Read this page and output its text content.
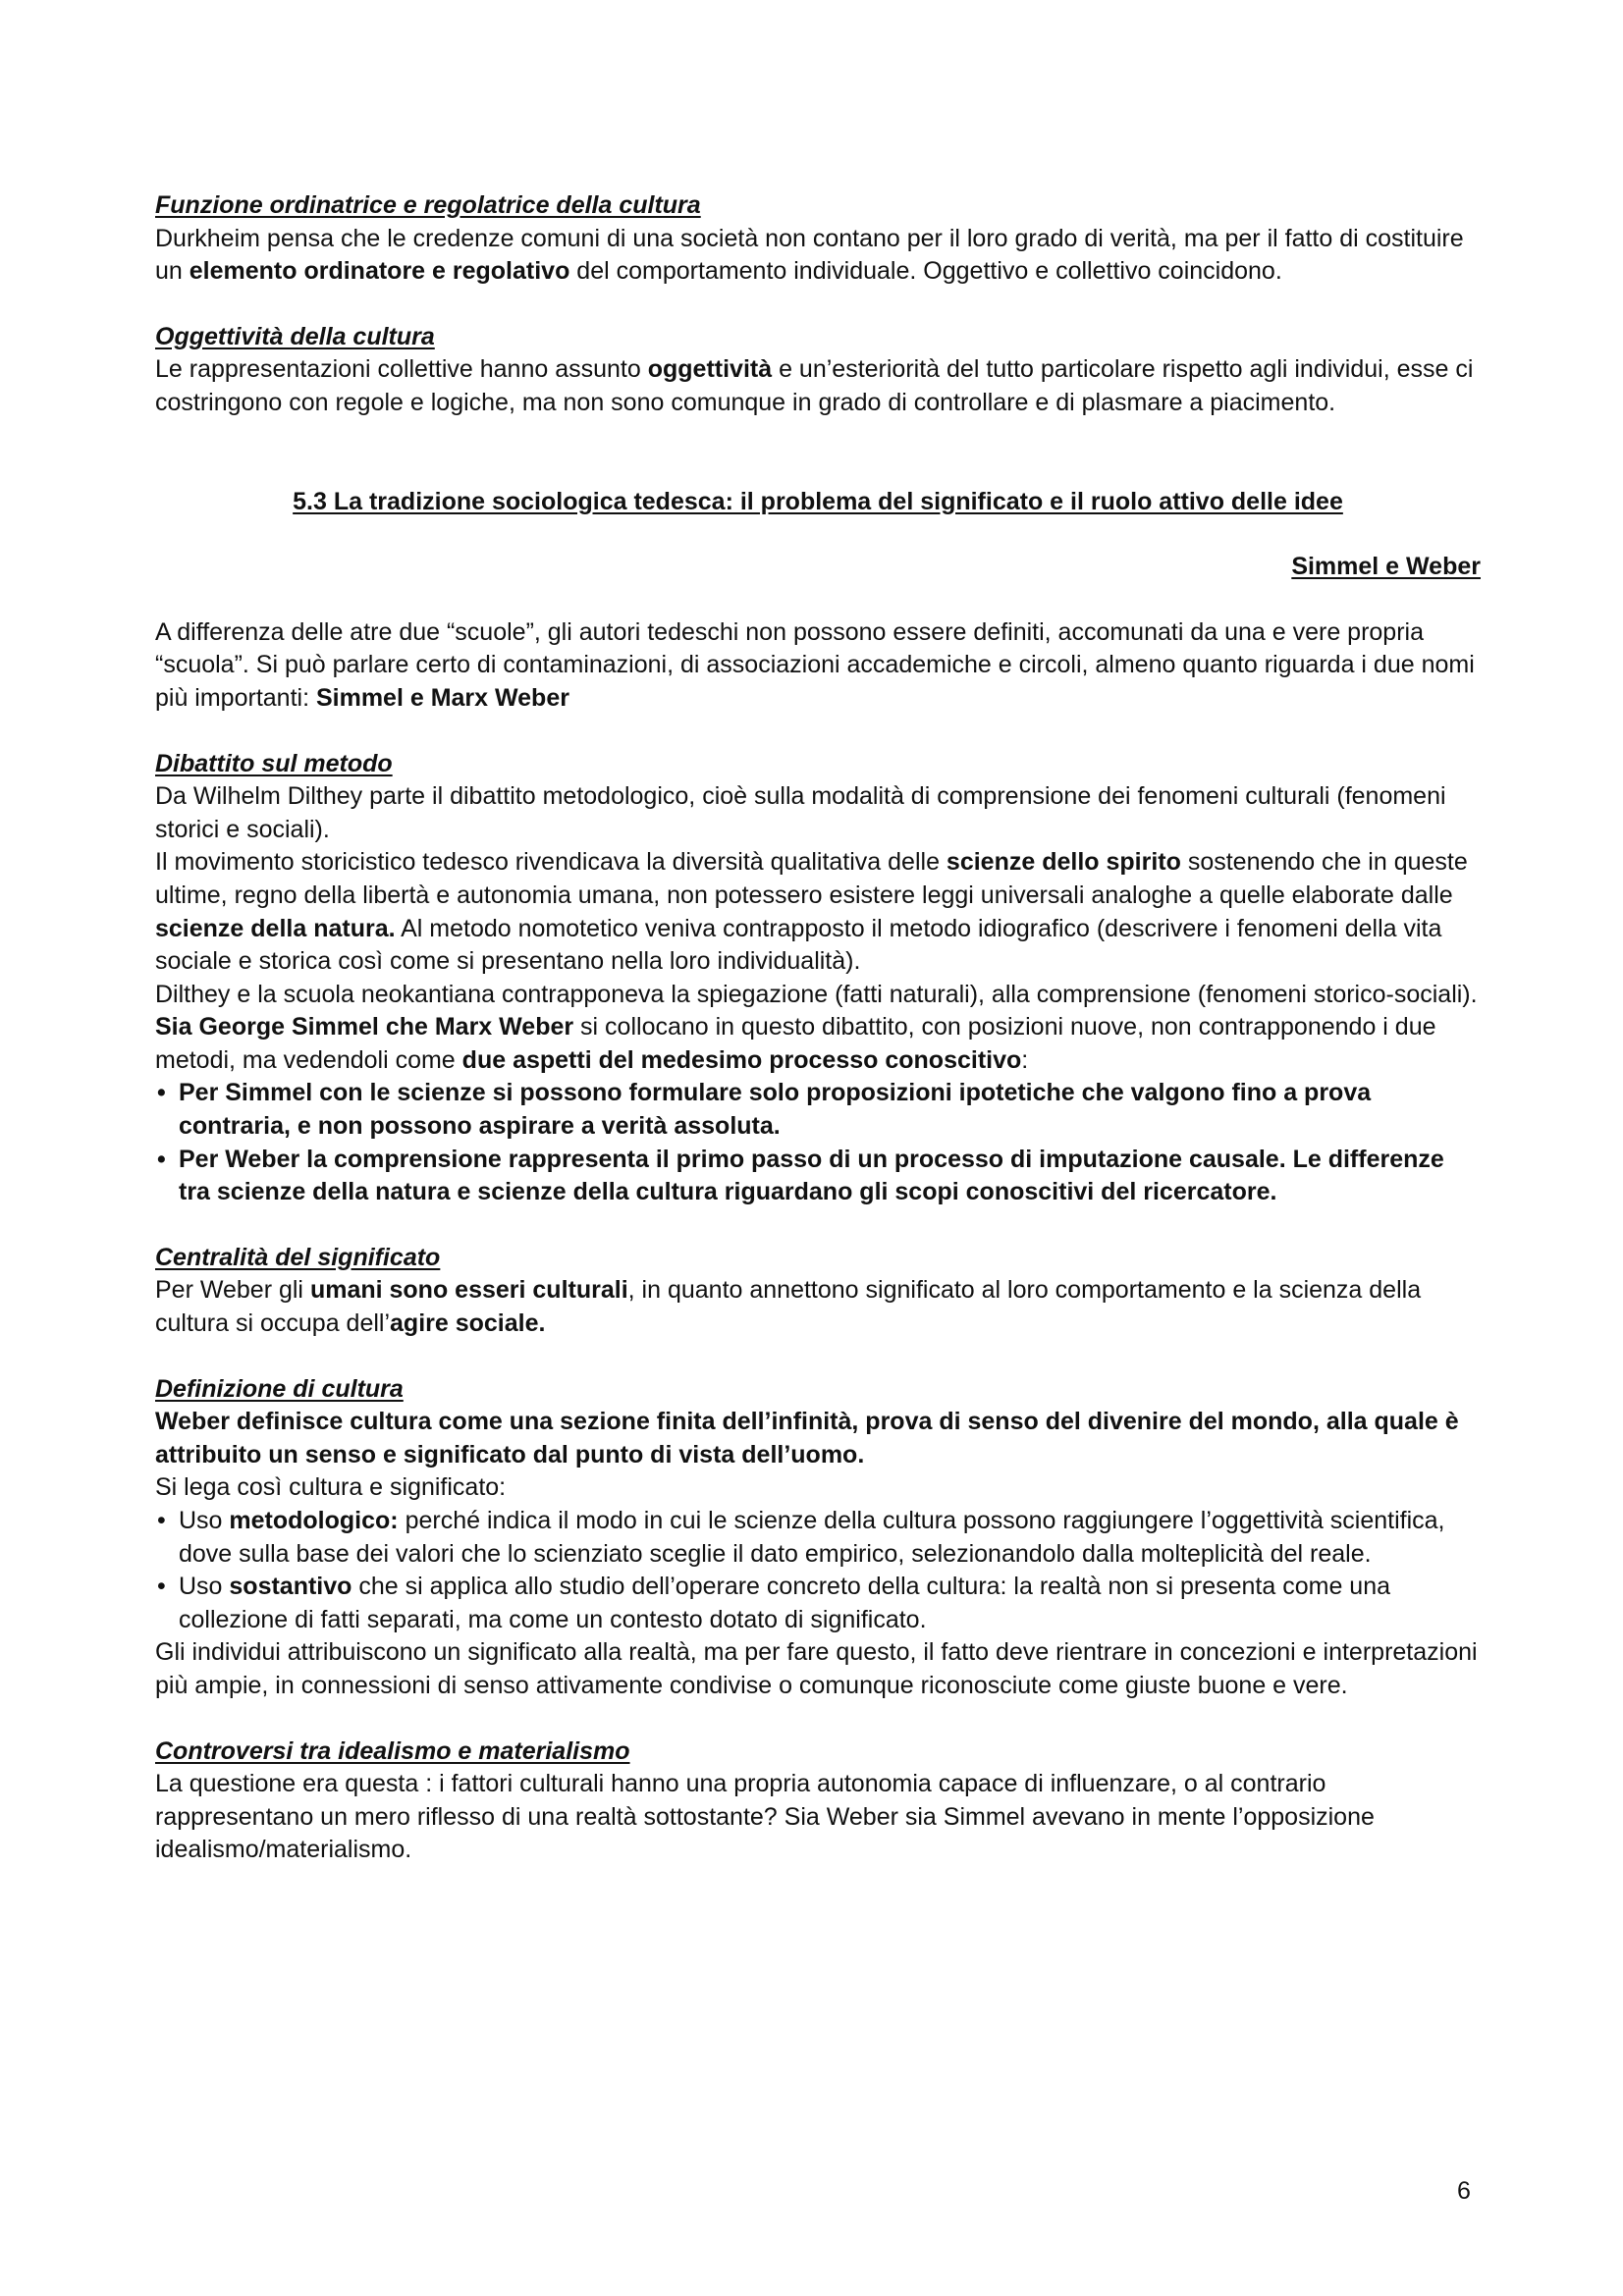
Funzione ordinatrice e regolatrice della cultura

Durkheim pensa che le credenze comuni di una società non contano per il loro grado di verità, ma per il fatto di costituire un elemento ordinatore e regolativo del comportamento individuale. Oggettivo e collettivo coincidono.

Oggettività della cultura

Le rappresentazioni collettive hanno assunto oggettività e un’esteriorità del tutto particolare rispetto agli individui, esse ci costringono con regole e logiche, ma non sono comunque in grado di controllare e di plasmare a piacimento.

5.3 La tradizione sociologica tedesca: il problema del significato e il ruolo attivo delle idee
Simmel e Weber

A differenza delle atre due “scuole”, gli autori tedeschi non possono essere definiti, accomunati da una e vere propria “scuola”. Si può parlare certo di contaminazioni, di associazioni accademiche e circoli, almeno quanto riguarda i due nomi più importanti: Simmel e Marx Weber

Dibattito sul metodo

Da Wilhelm Dilthey parte il dibattito metodologico, cioè sulla modalità di comprensione dei fenomeni culturali (fenomeni storici e sociali).

Il movimento storicistico tedesco rivendicava la diversità qualitativa delle scienze dello spirito sostenendo che in queste ultime, regno della libertà e autonomia umana, non potessero esistere leggi universali analoghe a quelle elaborate dalle scienze della natura. Al metodo nomotetico veniva contrapposto il metodo idiografico (descrivere i fenomeni della vita sociale e storica così come si presentano nella loro individualità).

Dilthey e la scuola neokantiana contrapponeva la spiegazione (fatti naturali), alla comprensione (fenomeni storico-sociali).

Sia George Simmel che Marx Weber si collocano in questo dibattito, con posizioni nuove, non contrapponendo i due metodi, ma vedendoli come due aspetti del medesimo processo conoscitivo:

• Per Simmel con le scienze si possono formulare solo proposizioni ipotetiche che valgono fino a prova contraria, e non possono aspirare a verità assoluta.
• Per Weber la comprensione rappresenta il primo passo di un processo di imputazione causale. Le differenze tra scienze della natura e scienze della cultura riguardano gli scopi conoscitivi del ricercatore.
Centralità del significato

Per Weber gli umani sono esseri culturali, in quanto annettono significato al loro comportamento e la scienza della cultura si occupa dell’agire sociale.

Definizione di cultura

Weber definisce cultura come una sezione finita dell’infinità, prova di senso del divenire del mondo, alla quale è attribuito un senso e significato dal punto di vista dell’uomo.

Si lega così cultura e significato:

• Uso metodologico: perché indica il modo in cui le scienze della cultura possono raggiungere l’oggettività scientifica, dove sulla base dei valori che lo scienziato sceglie il dato empirico, selezionandolo dalla molteplicità del reale.
• Uso sostantivo che si applica allo studio dell’operare concreto della cultura: la realtà non si presenta come una collezione di fatti separati, ma come un contesto dotato di significato.

Gli individui attribuiscono un significato alla realtà, ma per fare questo, il fatto deve rientrare in concezioni e interpretazioni più ampie, in connessioni di senso attivamente condivise o comunque riconosciute come giuste buone e vere.

Controversi tra idealismo e materialismo

La questione era questa : i fattori culturali hanno una propria autonomia capace di influenzare, o al contrario rappresentano un mero riflesso di una realtà sottostante? Sia Weber sia Simmel avevano in mente l’opposizione idealismo/materialismo.

6
